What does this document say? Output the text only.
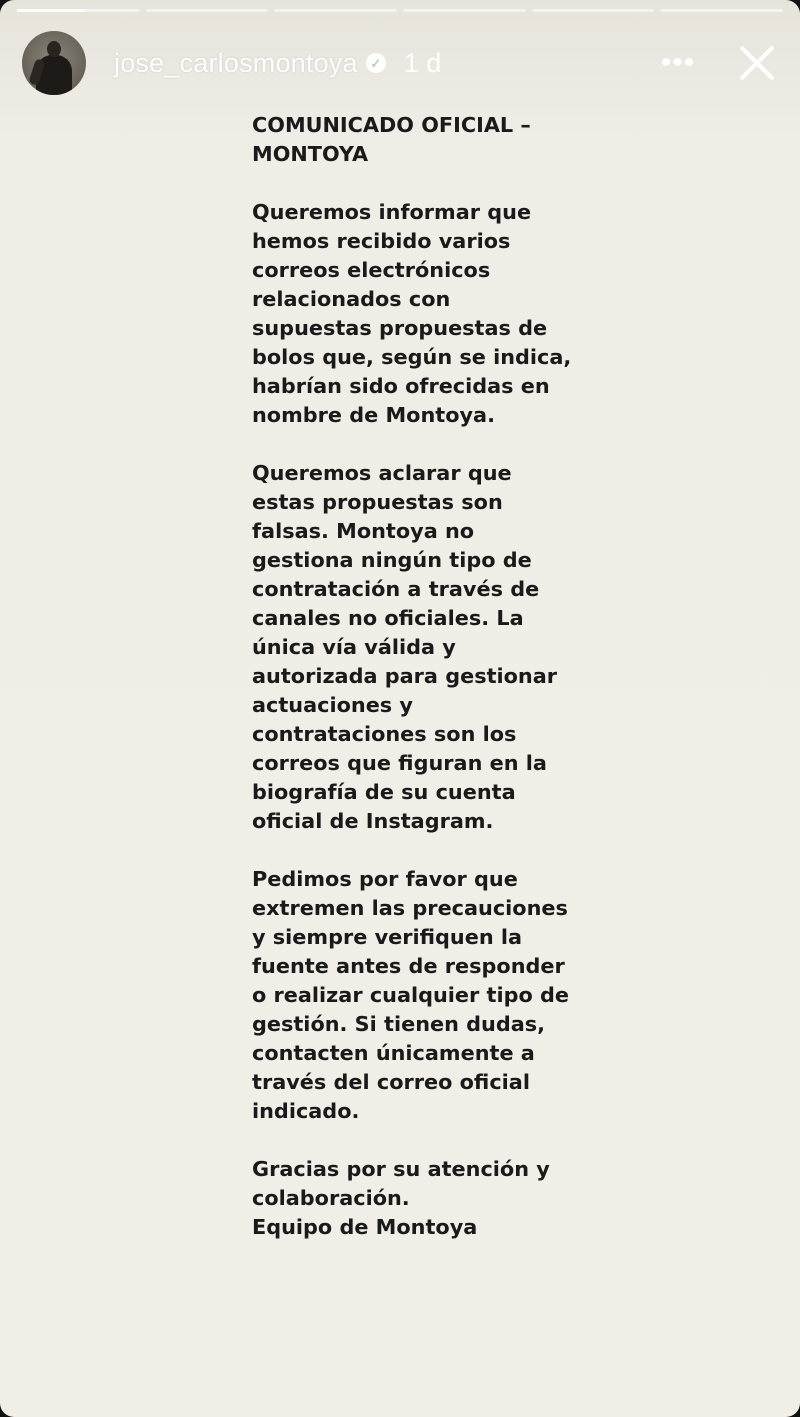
jose_carlosmontoya ✓ 1 d	•••

COMUNICADO OFICIAL – MONTOYA

Queremos informar que hemos recibido varios correos electrónicos relacionados con supuestas propuestas de bolos que, según se indica, habrían sido ofrecidas en nombre de Montoya.

Queremos aclarar que estas propuestas son falsas. Montoya no gestiona ningún tipo de contratación a través de canales no oficiales. La única vía válida y autorizada para gestionar actuaciones y contrataciones son los correos que figuran en la biografía de su cuenta oficial de Instagram.

Pedimos por favor que extremen las precauciones y siempre verifiquen la fuente antes de responder o realizar cualquier tipo de gestión. Si tienen dudas, contacten únicamente a través del correo oficial indicado.

Gracias por su atención y colaboración.
Equipo de Montoya
